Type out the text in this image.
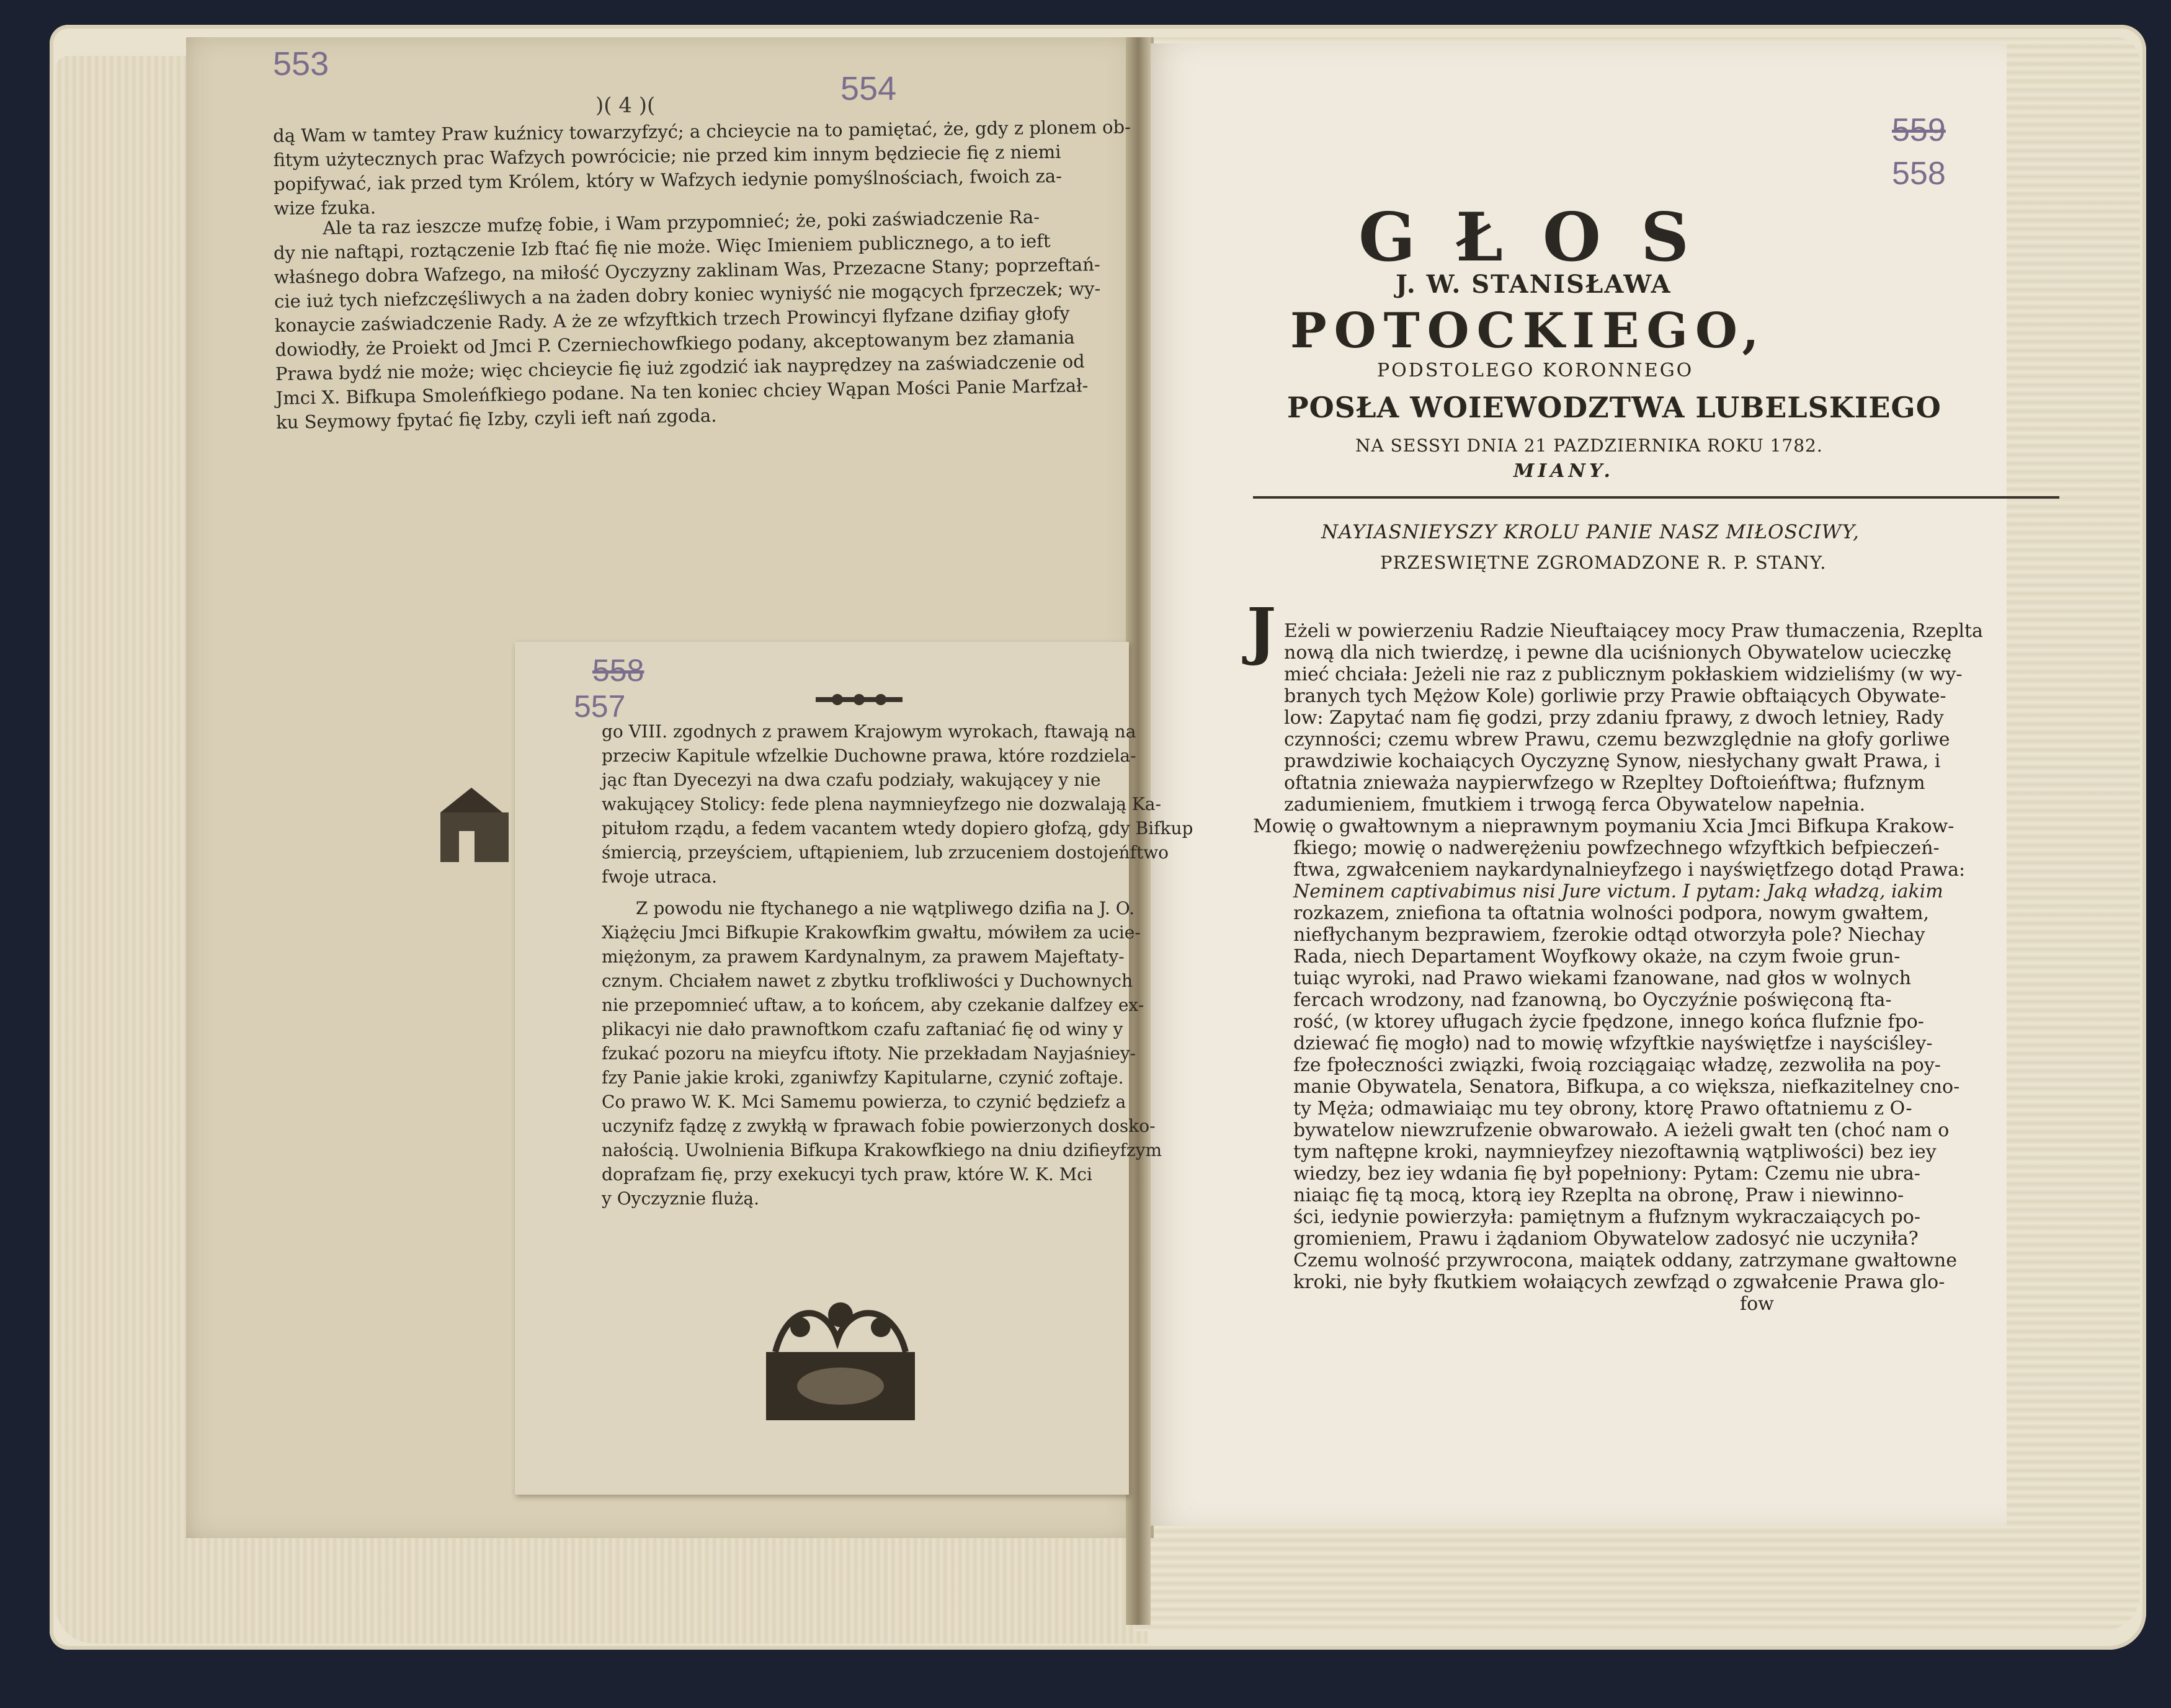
553
554
)( 4 )(
dą Wam w tamtey Praw kuźnicy towarzyfzyć; a chcieycie na to pamiętać, że, gdy z plonem ob-
fitym użytecznych prac Wafzych powrócicie; nie przed kim innym będziecie fię z niemi
popifywać, iak przed tym Królem, który w Wafzych iedynie pomyślnościach, fwoich za-
wize fzuka.
Ale ta raz ieszcze mufzę fobie, i Wam przypomnieć; że, poki zaświadczenie Ra-
dy nie naftąpi, roztączenie Izb ftać fię nie może. Więc Imieniem publicznego, a to ieft
właśnego dobra Wafzego, na miłość Oyczyzny zaklinam Was, Przezacne Stany; poprzeftań-
cie iuż tych niefzczęśliwych a na żaden dobry koniec wyniyść nie mogących fprzeczek; wy-
konaycie zaświadczenie Rady. A że ze wfzyftkich trzech Prowincyi flyfzane dzifiay głofy
dowiodły, że Proiekt od Jmci P. Czerniechowfkiego podany, akceptowanym bez złamania
Prawa bydź nie może; więc chcieycie fię iuż zgodzić iak nayprędzey na zaświadczenie od
Jmci X. Bifkupa Smoleńfkiego podane. Na ten koniec chciey Wąpan Mości Panie Marfzał-
ku Seymowy fpytać fię Izby, czyli ieft nań zgoda.
558
557
go VIII. zgodnych z prawem Krajowym wyrokach, ftawają na
przeciw Kapitule wfzelkie Duchowne prawa, które rozdziela-
jąc ftan Dyecezyi na dwa czafu podziały, wakującey y nie
wakującey Stolicy: fede plena naymnieyfzego nie dozwalają Ka-
pitułom rządu, a fedem vacantem wtedy dopiero głofzą, gdy Bifkup
śmiercią, przeyściem, uftąpieniem, lub zrzuceniem dostojeńftwo
fwoje utraca.
Z powodu nie ftychanego a nie wątpliwego dzifia na J. O.
Xiążęciu Jmci Bifkupie Krakowfkim gwałtu, mówiłem za ucie-
miężonym, za prawem Kardynalnym, za prawem Majeftaty-
cznym. Chciałem nawet z zbytku trofkliwości y Duchownych
nie przepomnieć uftaw, a to końcem, aby czekanie dalfzey ex-
plikacyi nie dało prawnoftkom czafu zaftaniać fię od winy y
fzukać pozoru na mieyfcu iftoty. Nie przekładam Nayjaśniey-
fzy Panie jakie kroki, zganiwfzy Kapitularne, czynić zoftaje.
Co prawo W. K. Mci Samemu powierza, to czynić będziefz a
uczynifz fądzę z zwykłą w fprawach fobie powierzonych dosko-
nałością. Uwolnienia Bifkupa Krakowfkiego na dniu dzifieyfzym
doprafzam fię, przy exekucyi tych praw, które W. K. Mci
y Oyczyznie flużą.
559
558
GŁOS
J. W. STANISŁAWA
POTOCKIEGO,
PODSTOLEGO KORONNEGO
POSŁA WOIEWODZTWA LUBELSKIEGO
NA SESSYI DNIA 21 PAZDZIERNIKA ROKU 1782.
MIANY.
NAYIASNIEYSZY KROLU PANIE NASZ MIŁOSCIWY,
PRZESWIĘTNE ZGROMADZONE R. P. STANY.
J Eżeli w powierzeniu Radzie Nieuftaiącey mocy Praw tłumaczenia, Rzeplta
nową dla nich twierdzę, i pewne dla uciśnionych Obywatelow ucieczkę
mieć chciała: Jeżeli nie raz z publicznym pokłaskiem widzieliśmy (w wy-
branych tych Mężow Kole) gorliwie przy Prawie obftaiących Obywate-
low: Zapytać nam fię godzi, przy zdaniu fprawy, z dwoch letniey, Rady
czynności; czemu wbrew Prawu, czemu bezwzględnie na głofy gorliwe
prawdziwie kochaiących Oyczyznę Synow, niesłychany gwałt Prawa, i
oftatnia znieważa naypierwfzego w Rzepltey Doftoieńftwa; fłufznym
zadumieniem, fmutkiem i trwogą ferca Obywatelow napełnia.
Mowię o gwałtownym a nieprawnym poymaniu Xcia Jmci Bifkupa Krakow-
fkiego; mowię o nadwerężeniu powfzechnego wfzyftkich befpieczeń-
ftwa, zgwałceniem naykardynalnieyfzego i nayświętfzego dotąd Prawa:
Neminem captivabimus nisi Jure victum. I pytam: Jaką władzą, iakim
rozkazem, zniefiona ta oftatnia wolności podpora, nowym gwałtem,
niefłychanym bezprawiem, fzerokie odtąd otworzyła pole? Niechay
Rada, niech Departament Woyfkowy okaże, na czym fwoie grun-
tuiąc wyroki, nad Prawo wiekami fzanowane, nad głos w wolnych
fercach wrodzony, nad fzanowną, bo Oyczyźnie poświęconą fta-
rość, (w ktorey ufługach życie fpędzone, innego końca flufznie fpo-
dziewać fię mogło) nad to mowię wfzyftkie nayświętfze i nayściśley-
fze fpołeczności związki, fwoią rozciągaiąc władzę, zezwoliła na poy-
manie Obywatela, Senatora, Bifkupa, a co większa, niefkazitelney cno-
ty Męża; odmawiaiąc mu tey obrony, ktorę Prawo oftatniemu z O-
bywatelow niewzrufzenie obwarowało. A ieżeli gwałt ten (choć nam o
tym naftępne kroki, naymnieyfzey niezoftawnią wątpliwości) bez iey
wiedzy, bez iey wdania fię był popełniony: Pytam: Czemu nie ubra-
niaiąc fię tą mocą, ktorą iey Rzeplta na obronę, Praw i niewinno-
ści, iedynie powierzyła: pamiętnym a fłufznym wykraczaiących po-
gromieniem, Prawu i żądaniom Obywatelow zadosyć nie uczyniła?
Czemu wolność przywrocona, maiątek oddany, zatrzymane gwałtowne
kroki, nie były fkutkiem wołaiących zewfząd o zgwałcenie Prawa glo-
fow
